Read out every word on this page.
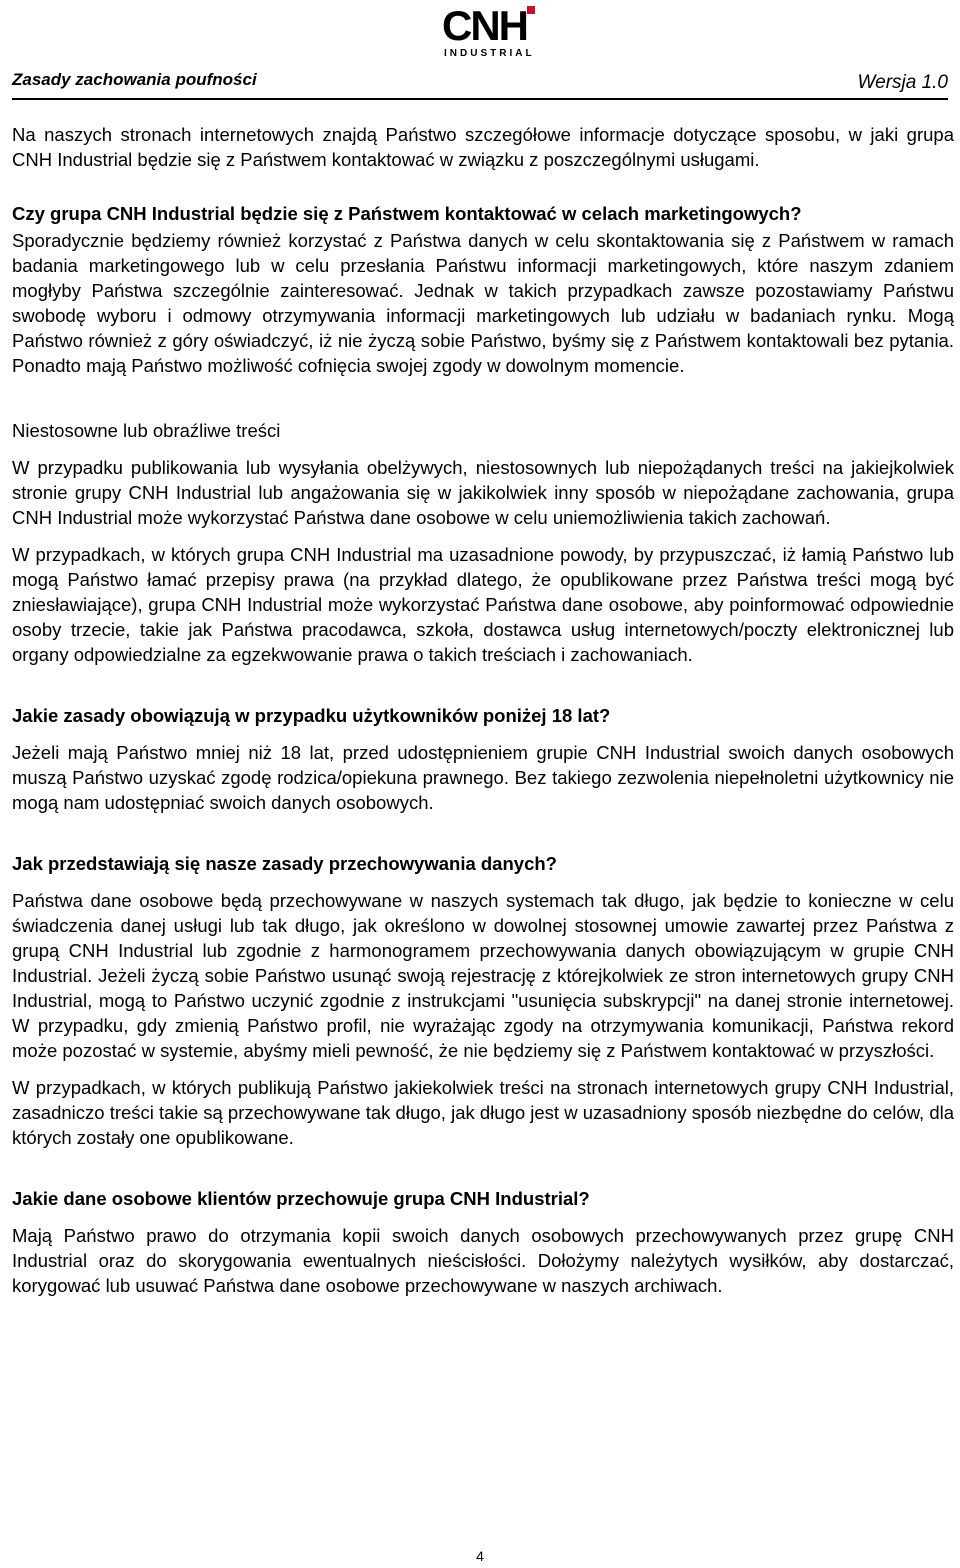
CNH
INDUSTRIAL
Zasady zachowania poufności	Wersja 1.0

Na naszych stronach internetowych znajdą Państwo szczegółowe informacje dotyczące sposobu, w jaki grupa CNH Industrial będzie się z Państwem kontaktować w związku z poszczególnymi usługami.

Czy grupa CNH Industrial będzie się z Państwem kontaktować w celach marketingowych?

Sporadycznie będziemy również korzystać z Państwa danych w celu skontaktowania się z Państwem w ramach badania marketingowego lub w celu przesłania Państwu informacji marketingowych, które naszym zdaniem mogłyby Państwa szczególnie zainteresować. Jednak w takich przypadkach zawsze pozostawiamy Państwu swobodę wyboru i odmowy otrzymywania informacji marketingowych lub udziału w badaniach rynku. Mogą Państwo również z góry oświadczyć, iż nie życzą sobie Państwo, byśmy się z Państwem kontaktowali bez pytania. Ponadto mają Państwo możliwość cofnięcia swojej zgody w dowolnym momencie.

Niestosowne lub obraźliwe treści

W przypadku publikowania lub wysyłania obelżywych, niestosownych lub niepożądanych treści na jakiejkolwiek stronie grupy CNH Industrial lub angażowania się w jakikolwiek inny sposób w niepożądane zachowania, grupa CNH Industrial może wykorzystać Państwa dane osobowe w celu uniemożliwienia takich zachowań.

W przypadkach, w których grupa CNH Industrial ma uzasadnione powody, by przypuszczać, iż łamią Państwo lub mogą Państwo łamać przepisy prawa (na przykład dlatego, że opublikowane przez Państwa treści mogą być zniesławiające), grupa CNH Industrial może wykorzystać Państwa dane osobowe, aby poinformować odpowiednie osoby trzecie, takie jak Państwa pracodawca, szkoła, dostawca usług internetowych/poczty elektronicznej lub organy odpowiedzialne za egzekwowanie prawa o takich treściach i zachowaniach.

Jakie zasady obowiązują w przypadku użytkowników poniżej 18 lat?

Jeżeli mają Państwo mniej niż 18 lat, przed udostępnieniem grupie CNH Industrial swoich danych osobowych muszą Państwo uzyskać zgodę rodzica/opiekuna prawnego. Bez takiego zezwolenia niepełnoletni użytkownicy nie mogą nam udostępniać swoich danych osobowych.

Jak przedstawiają się nasze zasady przechowywania danych?

Państwa dane osobowe będą przechowywane w naszych systemach tak długo, jak będzie to konieczne w celu świadczenia danej usługi lub tak długo, jak określono w dowolnej stosownej umowie zawartej przez Państwa z grupą CNH Industrial lub zgodnie z harmonogramem przechowywania danych obowiązującym w grupie CNH Industrial. Jeżeli życzą sobie Państwo usunąć swoją rejestrację z którejkolwiek ze stron internetowych grupy CNH Industrial, mogą to Państwo uczynić zgodnie z instrukcjami "usunięcia subskrypcji" na danej stronie internetowej. W przypadku, gdy zmienią Państwo profil, nie wyrażając zgody na otrzymywania komunikacji, Państwa rekord może pozostać w systemie, abyśmy mieli pewność, że nie będziemy się z Państwem kontaktować w przyszłości.

W przypadkach, w których publikują Państwo jakiekolwiek treści na stronach internetowych grupy CNH Industrial, zasadniczo treści takie są przechowywane tak długo, jak długo jest w uzasadniony sposób niezbędne do celów, dla których zostały one opublikowane.

Jakie dane osobowe klientów przechowuje grupa CNH Industrial?

Mają Państwo prawo do otrzymania kopii swoich danych osobowych przechowywanych przez grupę CNH Industrial oraz do skorygowania ewentualnych nieścisłości. Dołożymy należytych wysiłków, aby dostarczać, korygować lub usuwać Państwa dane osobowe przechowywane w naszych archiwach.

4
